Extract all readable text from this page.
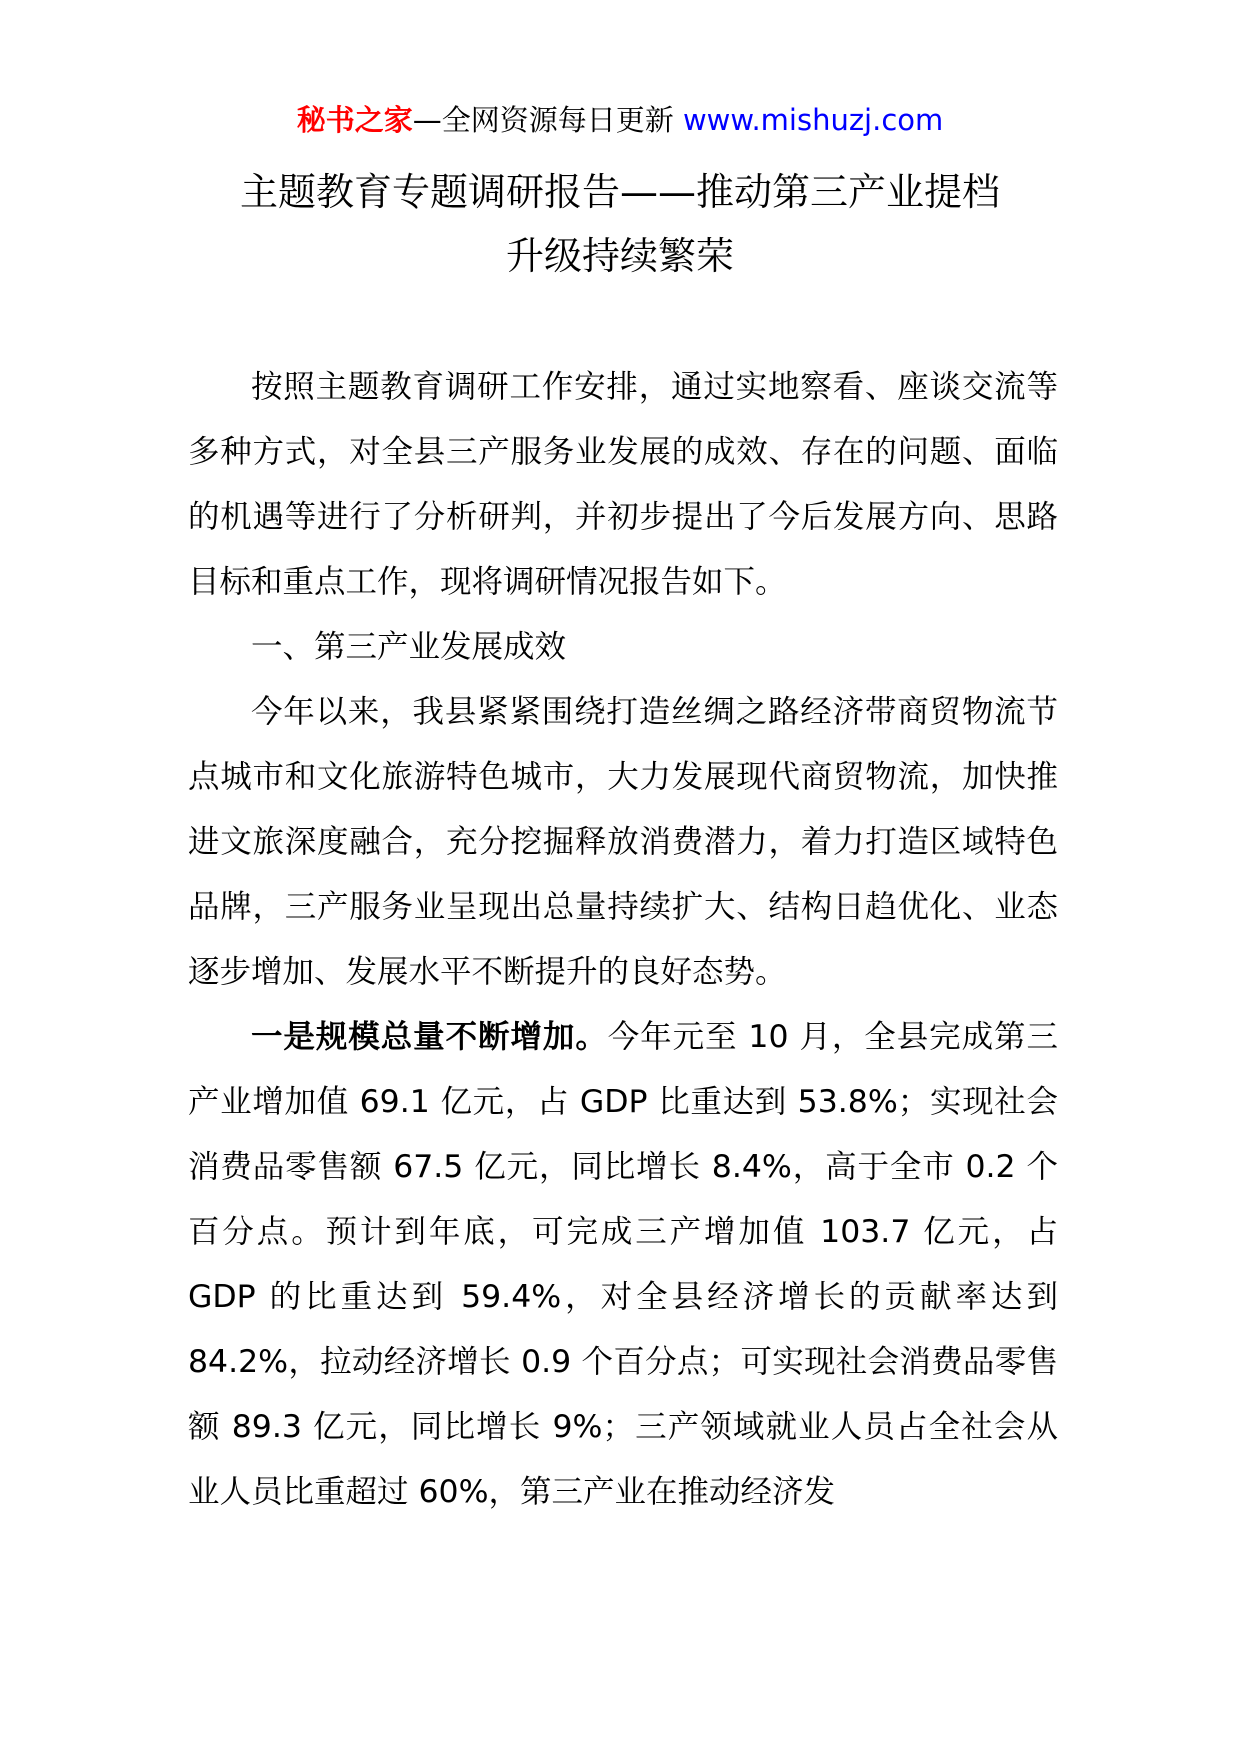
秘书之家—全网资源每日更新 www.mishuzj.com
主题教育专题调研报告——推动第三产业提档
升级持续繁荣

按照主题教育调研工作安排，通过实地察看、座谈交流等多种方式，对全县三产服务业发展的成效、存在的问题、面临的机遇等进行了分析研判，并初步提出了今后发展方向、思路目标和重点工作，现将调研情况报告如下。

一、第三产业发展成效

今年以来，我县紧紧围绕打造丝绸之路经济带商贸物流节点城市和文化旅游特色城市，大力发展现代商贸物流，加快推进文旅深度融合，充分挖掘释放消费潜力，着力打造区域特色品牌，三产服务业呈现出总量持续扩大、结构日趋优化、业态逐步增加、发展水平不断提升的良好态势。

一是规模总量不断增加。今年元至 10 月，全县完成第三产业增加值 69.1 亿元，占 GDP 比重达到 53.8%；实现社会消费品零售额 67.5 亿元，同比增长 8.4%，高于全市 0.2 个百分点。预计到年底，可完成三产增加值 103.7 亿元，占 GDP 的比重达到 59.4%，对全县经济增长的贡献率达到 84.2%，拉动经济增长 0.9 个百分点；可实现社会消费品零售额 89.3 亿元，同比增长 9%；三产领域就业人员占全社会从业人员比重超过 60%，第三产业在推动经济发
